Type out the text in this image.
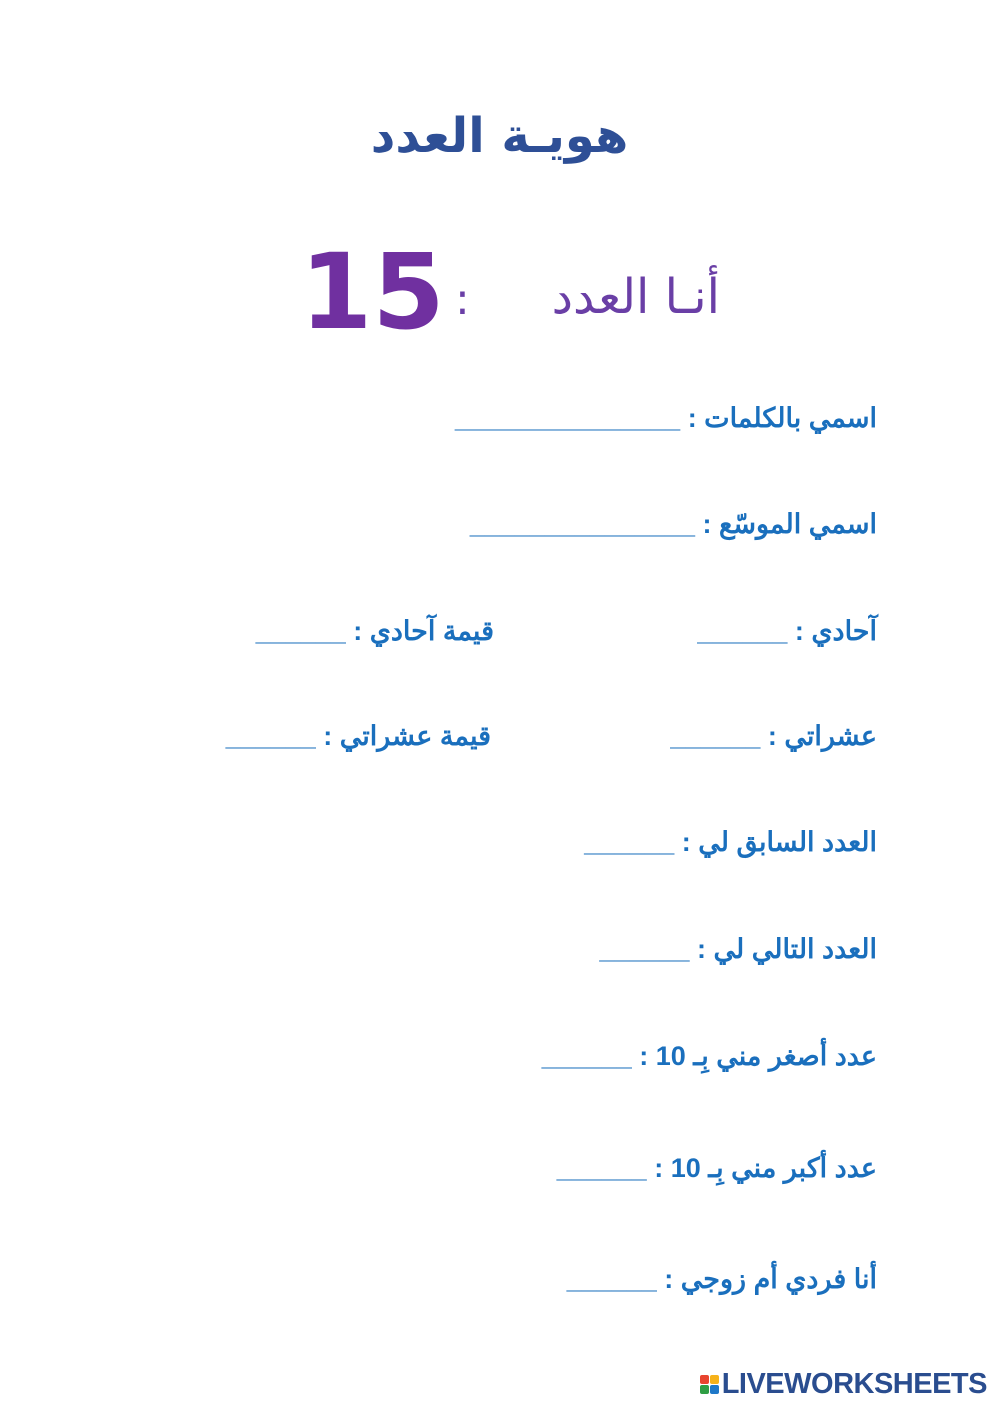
هويـة العدد
15 : أنـا العدد
اسمي بالكلمات : _______________
اسمي الموسّع : _______________
آحادي : ______
قيمة آحادي : ______
عشراتي : ______
قيمة عشراتي : ______
العدد السابق لي : ______
العدد التالي لي : ______
عدد أصغر مني بِـ 10 : ______
عدد أكبر مني بِـ 10 : ______
أنا فردي أم زوجي : ______
LIVEWORKSHEETS
